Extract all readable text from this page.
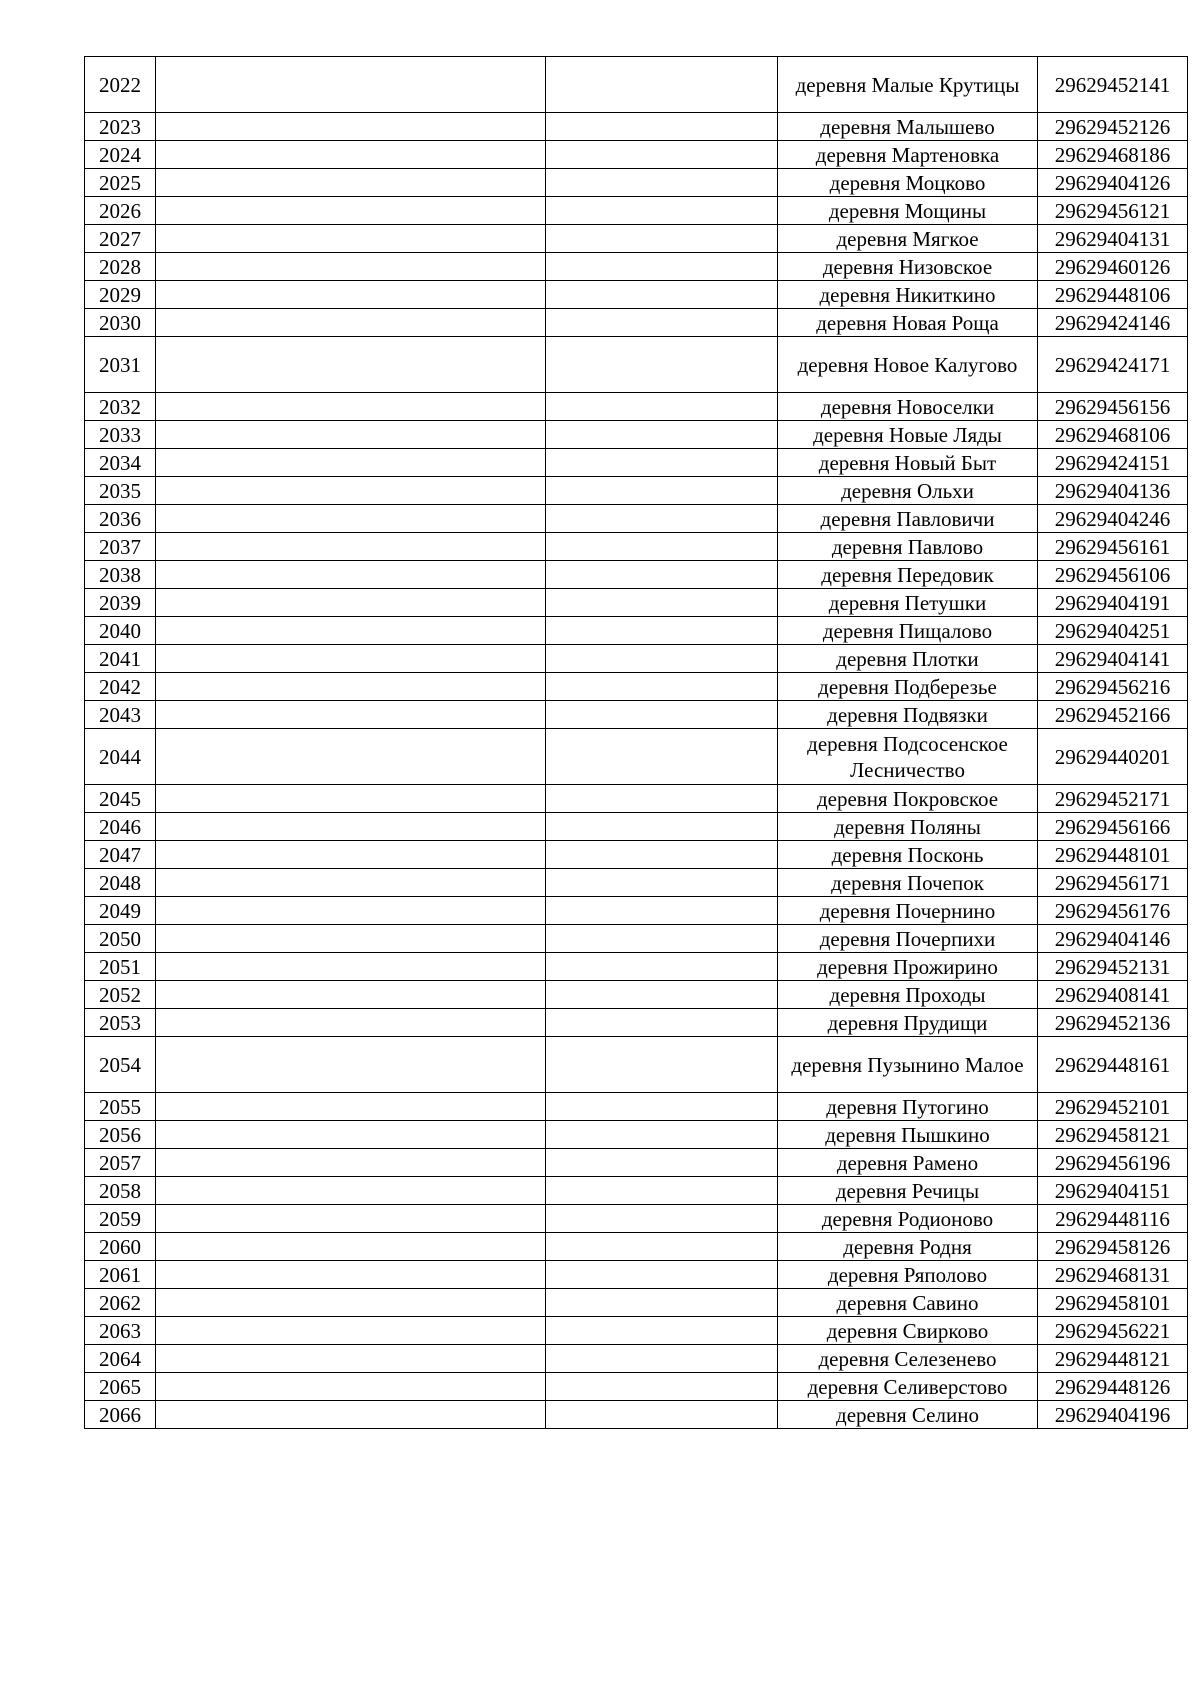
2022			деревня Малые Крутицы	29629452141
2023			деревня Малышево	29629452126
2024			деревня Мартеновка	29629468186
2025			деревня Моцково	29629404126
2026			деревня Мощины	29629456121
2027			деревня Мягкое	29629404131
2028			деревня Низовское	29629460126
2029			деревня Никиткино	29629448106
2030			деревня Новая Роща	29629424146
2031			деревня Новое Калугово	29629424171
2032			деревня Новоселки	29629456156
2033			деревня Новые Ляды	29629468106
2034			деревня Новый Быт	29629424151
2035			деревня Ольхи	29629404136
2036			деревня Павловичи	29629404246
2037			деревня Павлово	29629456161
2038			деревня Передовик	29629456106
2039			деревня Петушки	29629404191
2040			деревня Пищалово	29629404251
2041			деревня Плотки	29629404141
2042			деревня Подберезье	29629456216
2043			деревня Подвязки	29629452166
2044			деревня Подсосенское Лесничество	29629440201
2045			деревня Покровское	29629452171
2046			деревня Поляны	29629456166
2047			деревня Посконь	29629448101
2048			деревня Почепок	29629456171
2049			деревня Почернино	29629456176
2050			деревня Почерпихи	29629404146
2051			деревня Прожирино	29629452131
2052			деревня Проходы	29629408141
2053			деревня Прудищи	29629452136
2054			деревня Пузынино Малое	29629448161
2055			деревня Путогино	29629452101
2056			деревня Пышкино	29629458121
2057			деревня Рамено	29629456196
2058			деревня Речицы	29629404151
2059			деревня Родионово	29629448116
2060			деревня Родня	29629458126
2061			деревня Ряполово	29629468131
2062			деревня Савино	29629458101
2063			деревня Свирково	29629456221
2064			деревня Селезенево	29629448121
2065			деревня Селиверстово	29629448126
2066			деревня Селино	29629404196
